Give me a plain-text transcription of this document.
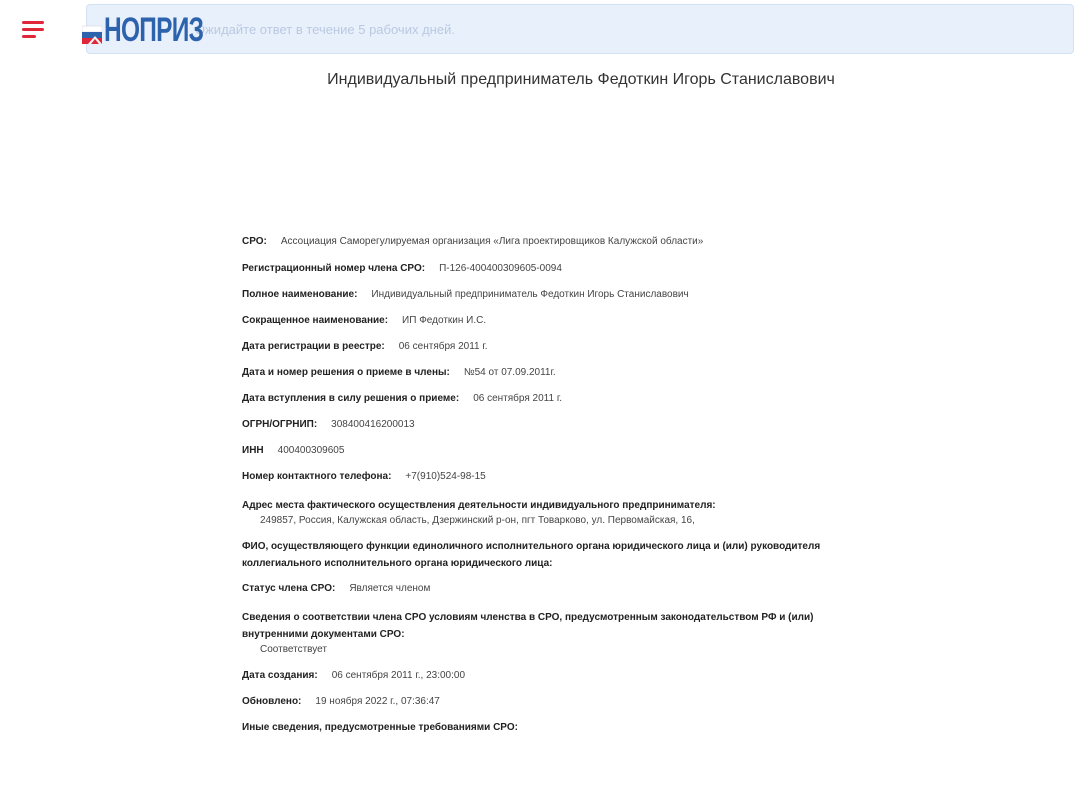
Ожидайте ответ в течение 5 рабочих дней.
НОПРИЗ
Индивидуальный предприниматель Федоткин Игорь Станиславович
СРО: Ассоциация Саморегулируемая организация «Лига проектировщиков Калужской области»
Регистрационный номер члена СРО: П-126-400400309605-0094
Полное наименование: Индивидуальный предприниматель Федоткин Игорь Станиславович
Сокращенное наименование: ИП Федоткин И.С.
Дата регистрации в реестре: 06 сентября 2011 г.
Дата и номер решения о приеме в члены: №54 от 07.09.2011г.
Дата вступления в силу решения о приеме: 06 сентября 2011 г.
ОГРН/ОГРНИП: 308400416200013
ИНН 400400309605
Номер контактного телефона: +7(910)524-98-15
Адрес места фактического осуществления деятельности индивидуального предпринимателя:
249857, Россия, Калужская область, Дзержинский р-он, пгт Товарково, ул. Первомайская, 16,
ФИО, осуществляющего функции единоличного исполнительного органа юридического лица и (или) руководителя коллегиального исполнительного органа юридического лица:
Статус члена СРО: Является членом
Сведения о соответствии члена СРО условиям членства в СРО, предусмотренным законодательством РФ и (или) внутренними документами СРО:
Соответствует
Дата создания: 06 сентября 2011 г., 23:00:00
Обновлено: 19 ноября 2022 г., 07:36:47
Иные сведения, предусмотренные требованиями СРО:
